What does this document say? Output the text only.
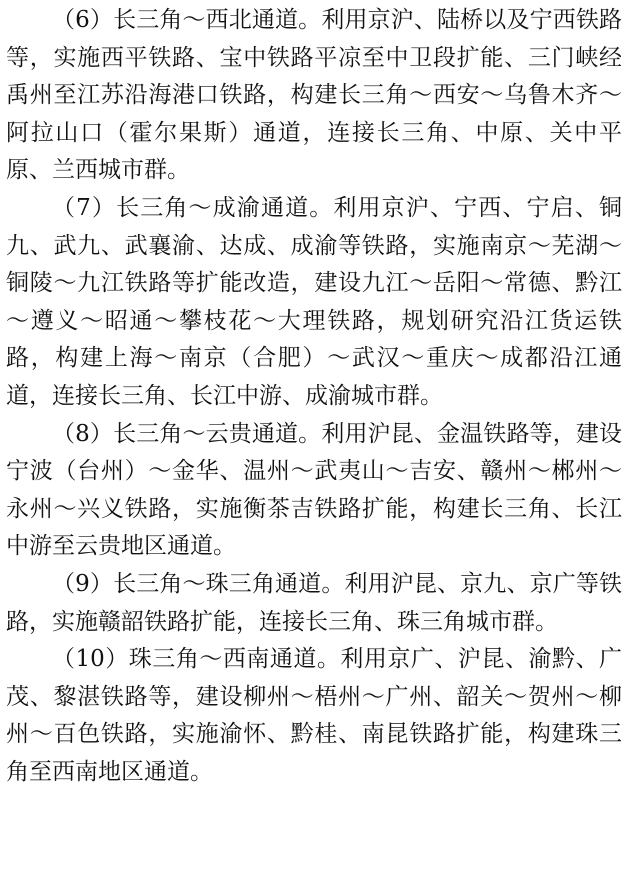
（6）长三角～西北通道。利用京沪、陆桥以及宁西铁路等，实施西平铁路、宝中铁路平凉至中卫段扩能、三门峡经禹州至江苏沿海港口铁路，构建长三角～西安～乌鲁木齐～阿拉山口（霍尔果斯）通道，连接长三角、中原、关中平原、兰西城市群。

（7）长三角～成渝通道。利用京沪、宁西、宁启、铜九、武九、武襄渝、达成、成渝等铁路，实施南京～芜湖～铜陵～九江铁路等扩能改造，建设九江～岳阳～常德、黔江～遵义～昭通～攀枝花～大理铁路，规划研究沿江货运铁路，构建上海～南京（合肥）～武汉～重庆～成都沿江通道，连接长三角、长江中游、成渝城市群。

（8）长三角～云贵通道。利用沪昆、金温铁路等，建设宁波（台州）～金华、温州～武夷山～吉安、赣州～郴州～永州～兴义铁路，实施衡茶吉铁路扩能，构建长三角、长江中游至云贵地区通道。

（9）长三角～珠三角通道。利用沪昆、京九、京广等铁路，实施赣韶铁路扩能，连接长三角、珠三角城市群。

（10）珠三角～西南通道。利用京广、沪昆、渝黔、广茂、黎湛铁路等，建设柳州～梧州～广州、韶关～贺州～柳州～百色铁路，实施渝怀、黔桂、南昆铁路扩能，构建珠三角至西南地区通道。
